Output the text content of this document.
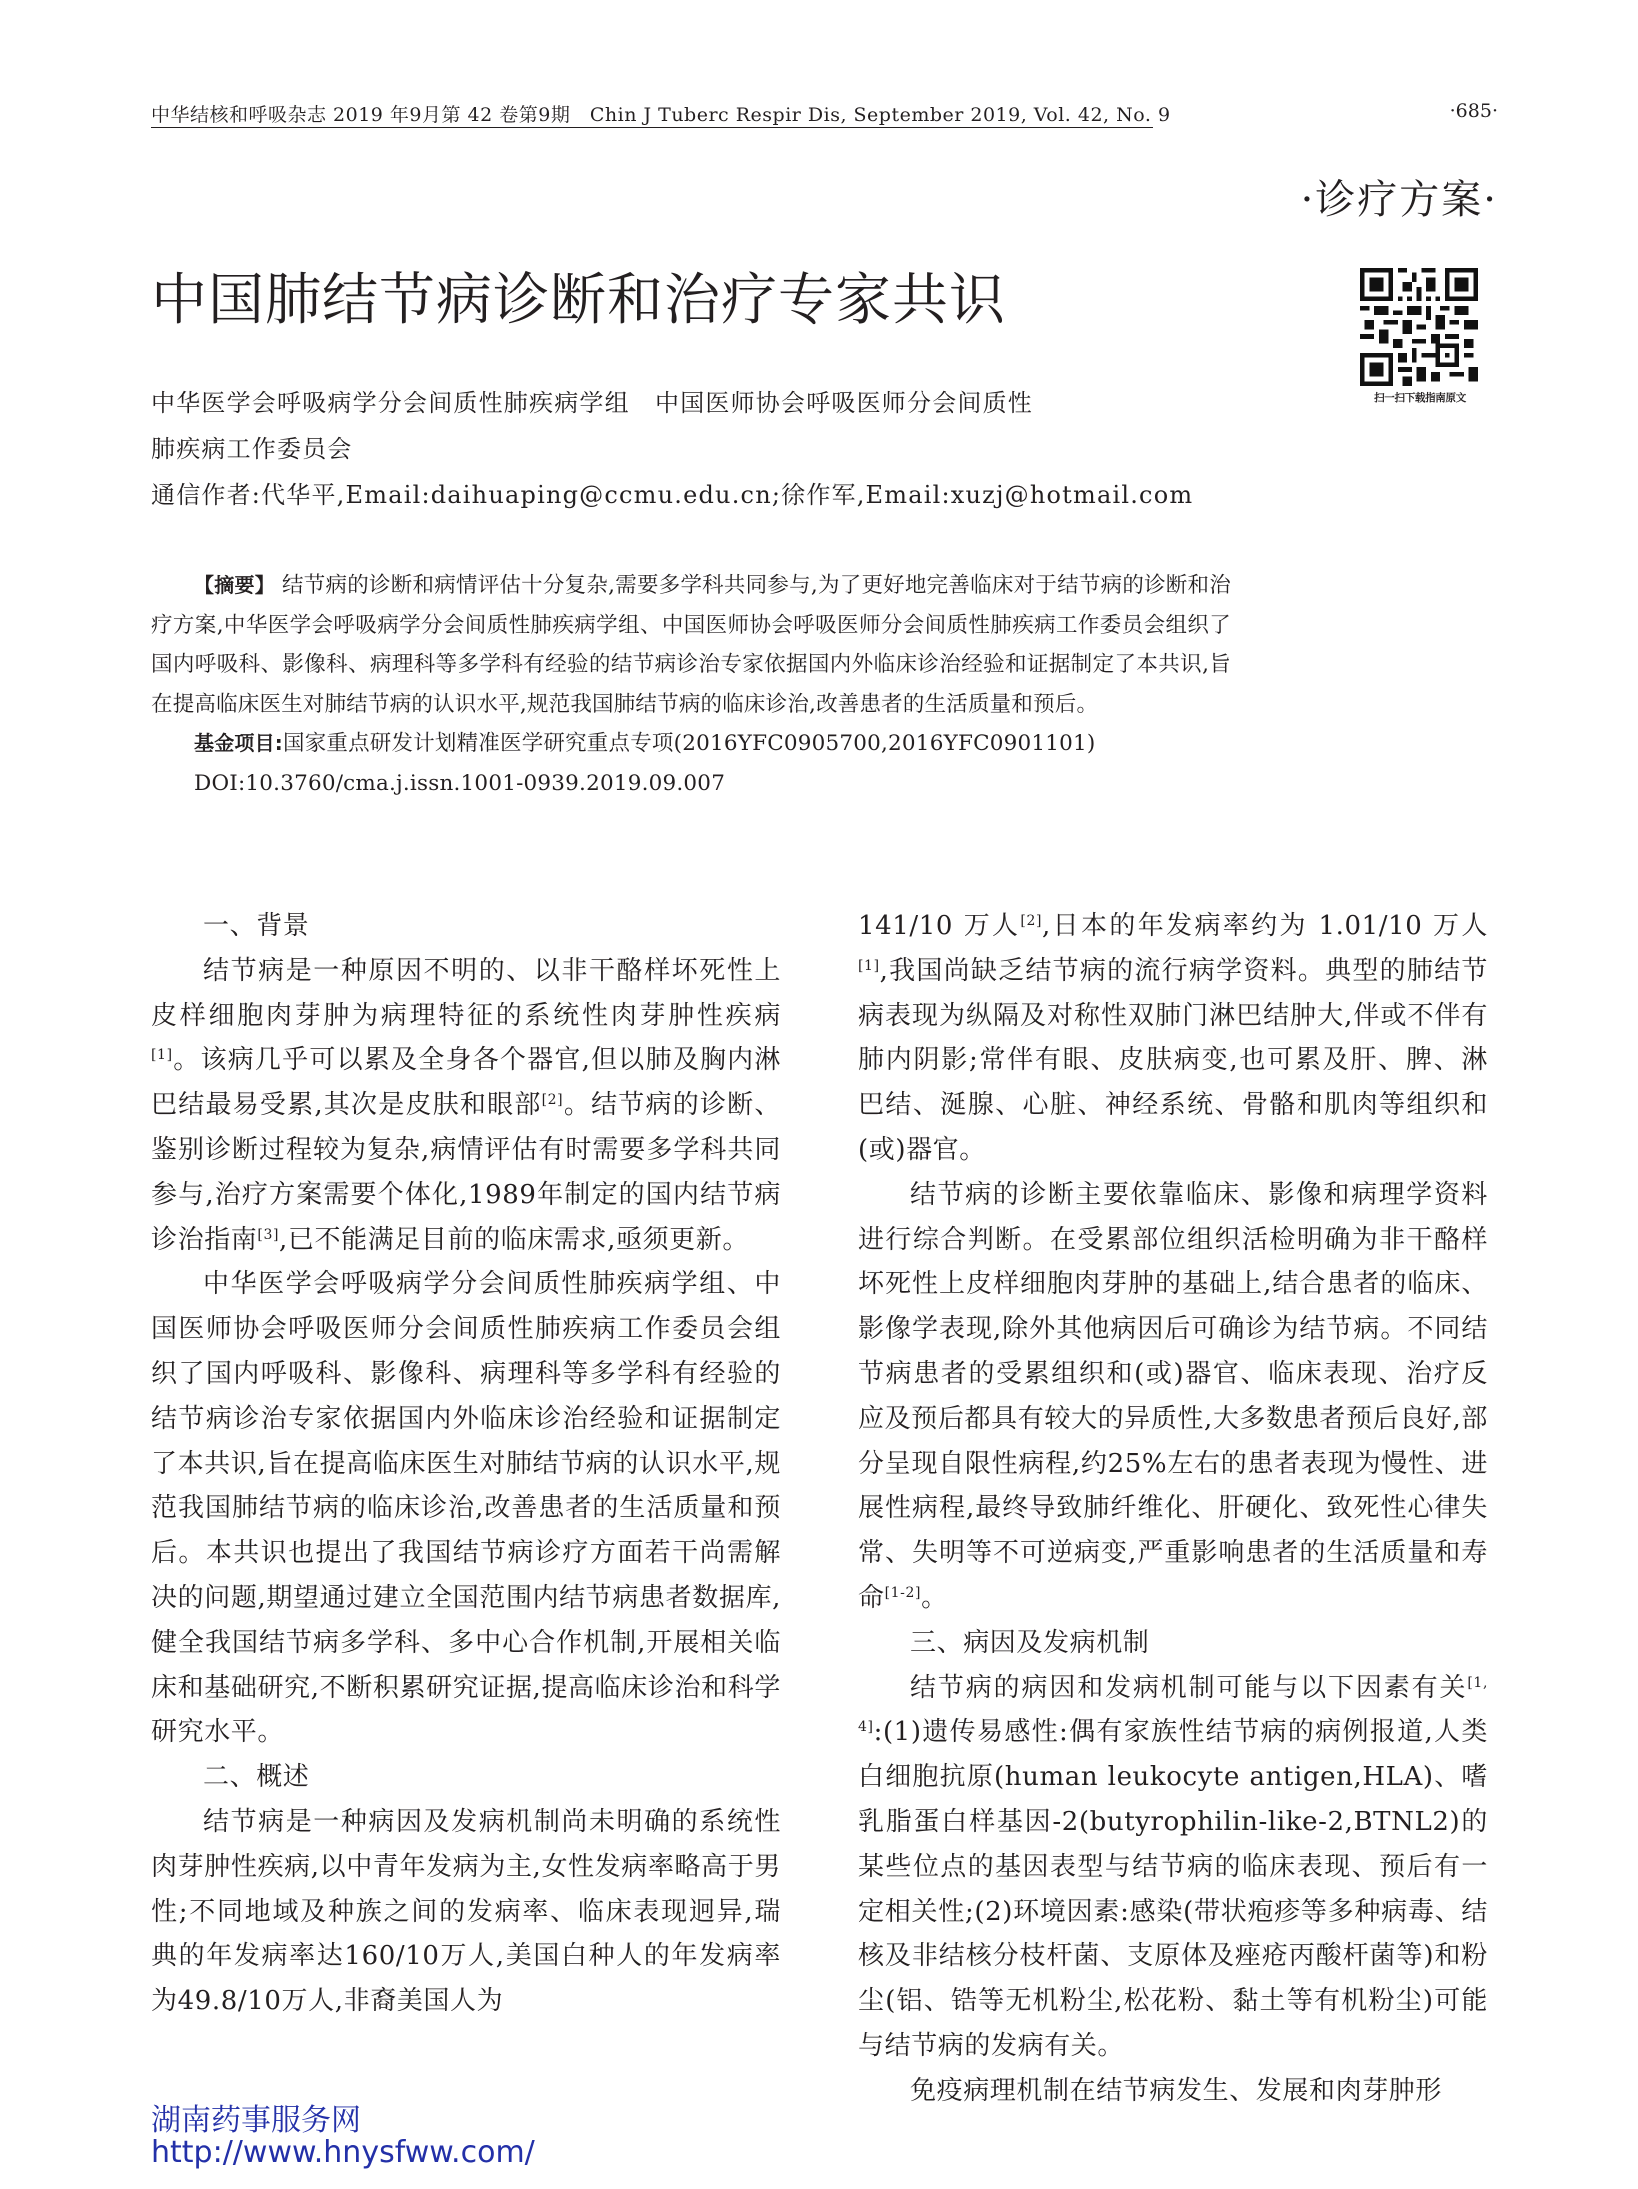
中华结核和呼吸杂志 2019 年9月第 42 卷第9期　Chin J Tuberc Respir Dis, September 2019, Vol. 42, No. 9	·685·
·诊疗方案·
中国肺结节病诊断和治疗专家共识
扫一扫下载指南原文
中华医学会呼吸病学分会间质性肺疾病学组　中国医师协会呼吸医师分会间质性
肺疾病工作委员会
通信作者:代华平,Email:daihuaping@ccmu.edu.cn;徐作军,Email:xuzj@hotmail.com

【摘要】 结节病的诊断和病情评估十分复杂,需要多学科共同参与,为了更好地完善临床对于结节病的诊断和治疗方案,中华医学会呼吸病学分会间质性肺疾病学组、中国医师协会呼吸医师分会间质性肺疾病工作委员会组织了国内呼吸科、影像科、病理科等多学科有经验的结节病诊治专家依据国内外临床诊治经验和证据制定了本共识,旨在提高临床医生对肺结节病的认识水平,规范我国肺结节病的临床诊治,改善患者的生活质量和预后。

基金项目:国家重点研发计划精准医学研究重点专项(2016YFC0905700,2016YFC0901101)
DOI:10.3760/cma.j.issn.1001-0939.2019.09.007
一、背景

结节病是一种原因不明的、以非干酪样坏死性上皮样细胞肉芽肿为病理特征的系统性肉芽肿性疾病[1]。该病几乎可以累及全身各个器官,但以肺及胸内淋巴结最易受累,其次是皮肤和眼部[2]。结节病的诊断、鉴别诊断过程较为复杂,病情评估有时需要多学科共同参与,治疗方案需要个体化,1989年制定的国内结节病诊治指南[3],已不能满足目前的临床需求,亟须更新。

中华医学会呼吸病学分会间质性肺疾病学组、中国医师协会呼吸医师分会间质性肺疾病工作委员会组织了国内呼吸科、影像科、病理科等多学科有经验的结节病诊治专家依据国内外临床诊治经验和证据制定了本共识,旨在提高临床医生对肺结节病的认识水平,规范我国肺结节病的临床诊治,改善患者的生活质量和预后。本共识也提出了我国结节病诊疗方面若干尚需解决的问题,期望通过建立全国范围内结节病患者数据库,健全我国结节病多学科、多中心合作机制,开展相关临床和基础研究,不断积累研究证据,提高临床诊治和科学研究水平。

二、概述

结节病是一种病因及发病机制尚未明确的系统性肉芽肿性疾病,以中青年发病为主,女性发病率略高于男性;不同地域及种族之间的发病率、临床表现迥异,瑞典的年发病率达160/10万人,美国白种人的年发病率为49.8/10万人,非裔美国人为

141/10 万人[2],日本的年发病率约为 1.01/10 万人[1],我国尚缺乏结节病的流行病学资料。典型的肺结节病表现为纵隔及对称性双肺门淋巴结肿大,伴或不伴有肺内阴影;常伴有眼、皮肤病变,也可累及肝、脾、淋巴结、涎腺、心脏、神经系统、骨骼和肌肉等组织和(或)器官。

结节病的诊断主要依靠临床、影像和病理学资料进行综合判断。在受累部位组织活检明确为非干酪样坏死性上皮样细胞肉芽肿的基础上,结合患者的临床、影像学表现,除外其他病因后可确诊为结节病。不同结节病患者的受累组织和(或)器官、临床表现、治疗反应及预后都具有较大的异质性,大多数患者预后良好,部分呈现自限性病程,约25%左右的患者表现为慢性、进展性病程,最终导致肺纤维化、肝硬化、致死性心律失常、失明等不可逆病变,严重影响患者的生活质量和寿命[1-2]。

三、病因及发病机制

结节病的病因和发病机制可能与以下因素有关[1, 4]:(1)遗传易感性:偶有家族性结节病的病例报道,人类白细胞抗原(human leukocyte antigen,HLA)、嗜乳脂蛋白样基因-2(butyrophilin-like-2,BTNL2)的某些位点的基因表型与结节病的临床表现、预后有一定相关性;(2)环境因素:感染(带状疱疹等多种病毒、结核及非结核分枝杆菌、支原体及痤疮丙酸杆菌等)和粉尘(铝、锆等无机粉尘,松花粉、黏土等有机粉尘)可能与结节病的发病有关。

免疫病理机制在结节病发生、发展和肉芽肿形

湖南药事服务网
http://www.hnysfww.com/
